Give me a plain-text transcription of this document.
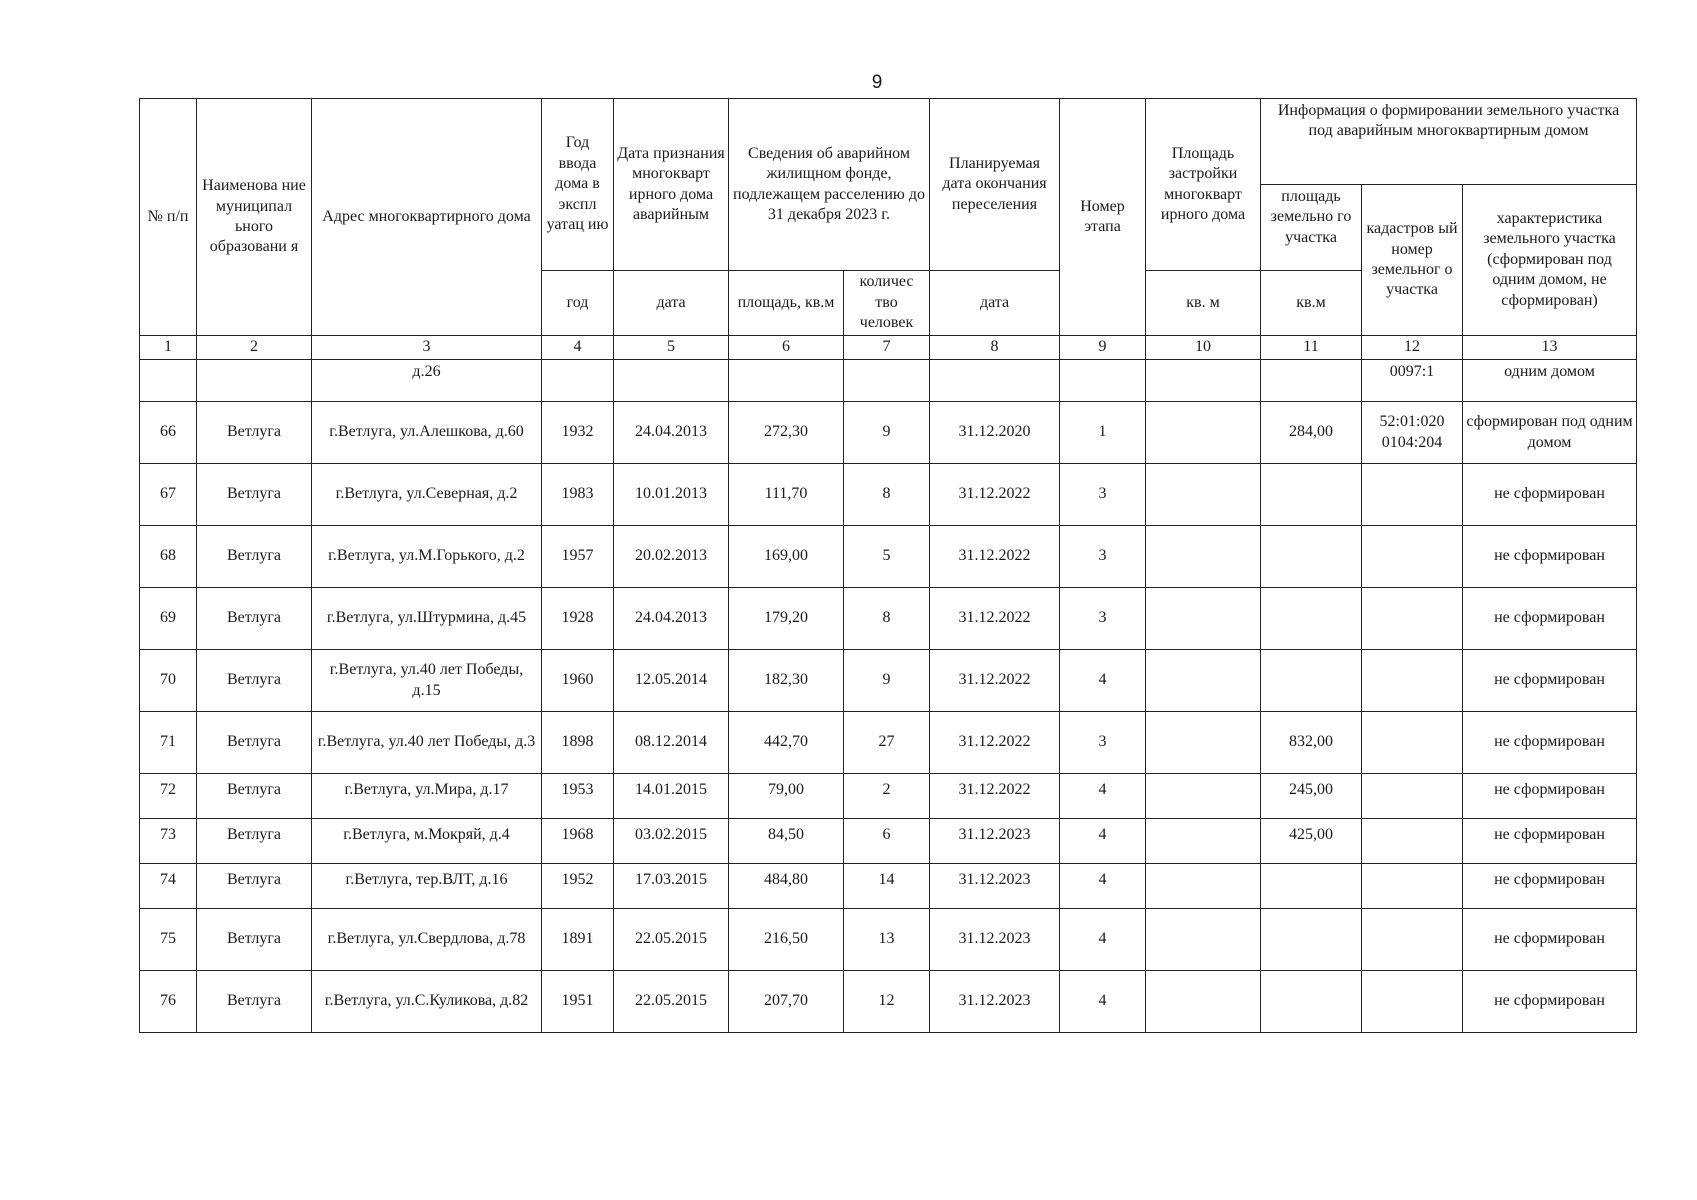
9
№ п/п	Наименова ние муниципал ьного образовани я	Адрес многоквартирного дома	Год ввода дома в экспл уатац ию	Дата признания многокварт ирного дома аварийным	Сведения об аварийном жилищном фонде, подлежащем расселению до 31 декабря 2023 г.		Планируемая дата окончания переселения	Номер этапа	Площадь застройки многокварт ирного дома	Информация о формировании земельного участка под аварийным многоквартирным домом		
										площадь земельно го участка	кадастров ый номер земельног о участка	характеристика земельного участка (сформирован под одним домом, не сформирован)
			год	дата	площадь, кв.м	количес тво человек	дата		кв. м	кв.м		
1	2	3	4	5	6	7	8	9	10	11	12	13
		д.26									0097:1	одним домом
66	Ветлуга	г.Ветлуга, ул.Алешкова, д.60	1932	24.04.2013	272,30	9	31.12.2020	1		284,00	52:01:020 0104:204	сформирован под одним домом
67	Ветлуга	г.Ветлуга, ул.Северная, д.2	1983	10.01.2013	111,70	8	31.12.2022	3				не сформирован
68	Ветлуга	г.Ветлуга, ул.М.Горького, д.2	1957	20.02.2013	169,00	5	31.12.2022	3				не сформирован
69	Ветлуга	г.Ветлуга, ул.Штурмина, д.45	1928	24.04.2013	179,20	8	31.12.2022	3				не сформирован
70	Ветлуга	г.Ветлуга, ул.40 лет Победы, д.15	1960	12.05.2014	182,30	9	31.12.2022	4				не сформирован
71	Ветлуга	г.Ветлуга, ул.40 лет Победы, д.3	1898	08.12.2014	442,70	27	31.12.2022	3		832,00		не сформирован
72	Ветлуга	г.Ветлуга, ул.Мира, д.17	1953	14.01.2015	79,00	2	31.12.2022	4		245,00		не сформирован
73	Ветлуга	г.Ветлуга, м.Мокряй, д.4	1968	03.02.2015	84,50	6	31.12.2023	4		425,00		не сформирован
74	Ветлуга	г.Ветлуга, тер.ВЛТ, д.16	1952	17.03.2015	484,80	14	31.12.2023	4				не сформирован
75	Ветлуга	г.Ветлуга, ул.Свердлова, д.78	1891	22.05.2015	216,50	13	31.12.2023	4				не сформирован
76	Ветлуга	г.Ветлуга, ул.С.Куликова, д.82	1951	22.05.2015	207,70	12	31.12.2023	4				не сформирован
